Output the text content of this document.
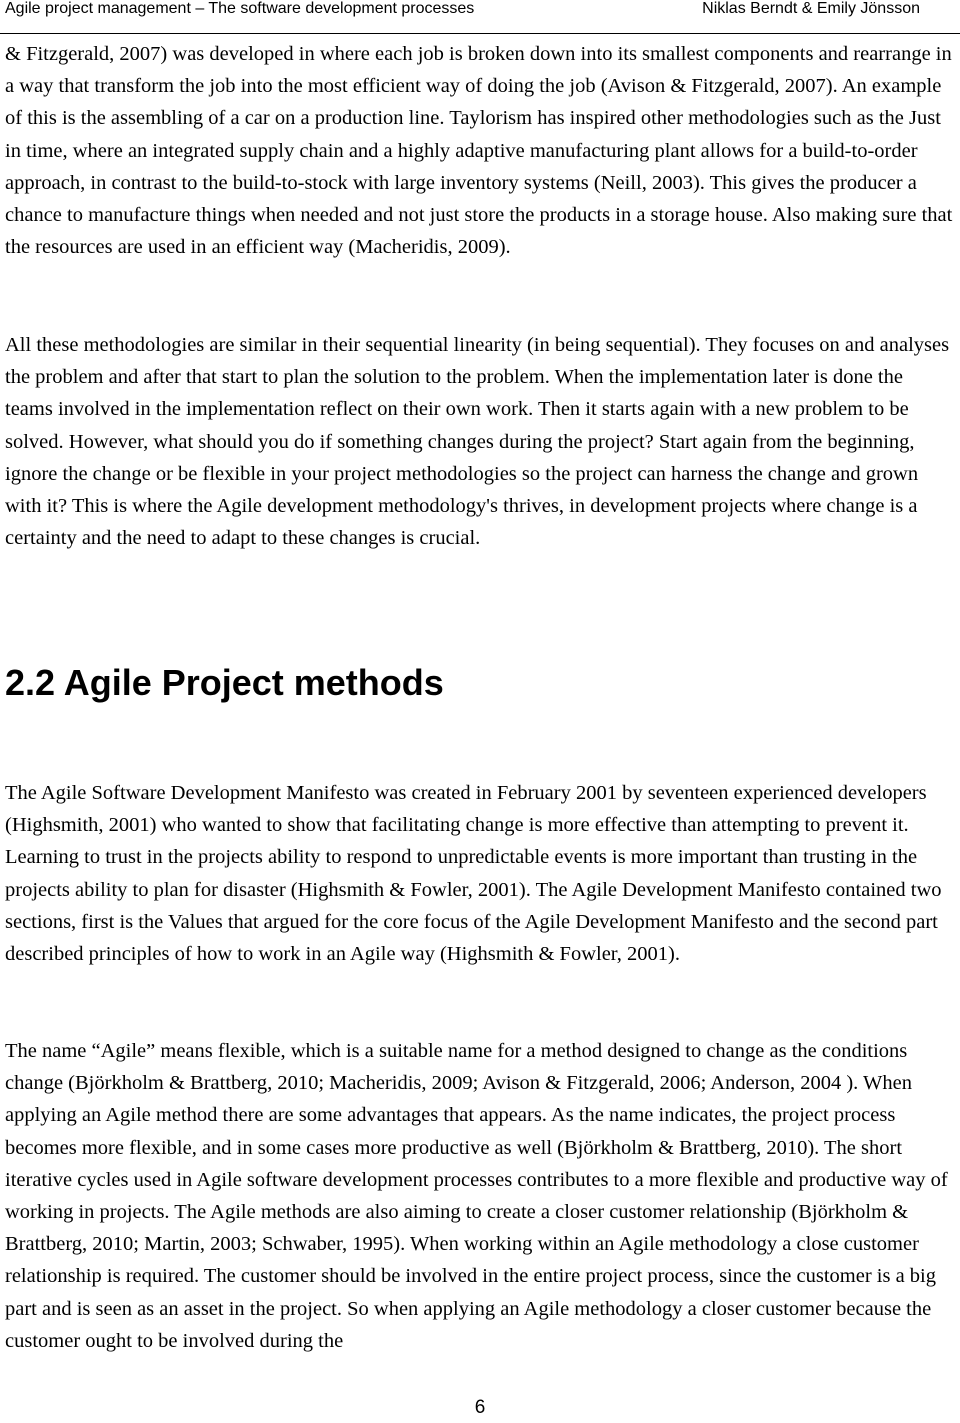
Agile project management – The software development processes	Niklas Berndt & Emily Jönsson

& Fitzgerald, 2007) was developed in where each job is broken down into its smallest components and rearrange in a way that transform the job into the most efficient way of doing the job (Avison & Fitzgerald, 2007). An example of this is the assembling of a car on a production line. Taylorism has inspired other methodologies such as the Just in time, where an integrated supply chain and a highly adaptive manufacturing plant allows for a build-to-order approach, in contrast to the build-to-stock with large inventory systems (Neill, 2003). This gives the producer a chance to manufacture things when needed and not just store the products in a storage house. Also making sure that the resources are used in an efficient way (Macheridis, 2009).

All these methodologies are similar in their sequential linearity (in being sequential). They focuses on and analyses the problem and after that start to plan the solution to the problem. When the implementation later is done the teams involved in the implementation reflect on their own work. Then it starts again with a new problem to be solved. However, what should you do if something changes during the project? Start again from the beginning, ignore the change or be flexible in your project methodologies so the project can harness the change and grown with it? This is where the Agile development methodology's thrives, in development projects where change is a certainty and the need to adapt to these changes is crucial.

2.2 Agile Project methods

The Agile Software Development Manifesto was created in February 2001 by seventeen experienced developers (Highsmith, 2001) who wanted to show that facilitating change is more effective than attempting to prevent it. Learning to trust in the projects ability to respond to unpredictable events is more important than trusting in the projects ability to plan for disaster (Highsmith & Fowler, 2001). The Agile Development Manifesto contained two sections, first is the Values that argued for the core focus of the Agile Development Manifesto and the second part described principles of how to work in an Agile way (Highsmith & Fowler, 2001).

The name “Agile” means flexible, which is a suitable name for a method designed to change as the conditions change (Björkholm & Brattberg, 2010; Macheridis, 2009; Avison & Fitzgerald, 2006; Anderson, 2004 ). When applying an Agile method there are some advantages that appears. As the name indicates, the project process becomes more flexible, and in some cases more productive as well (Björkholm & Brattberg, 2010). The short iterative cycles used in Agile software development processes contributes to a more flexible and productive way of working in projects. The Agile methods are also aiming to create a closer customer relationship (Björkholm & Brattberg, 2010; Martin, 2003; Schwaber, 1995). When working within an Agile methodology a close customer relationship is required. The customer should be involved in the entire project process, since the customer is a big part and is seen as an asset in the project. So when applying an Agile methodology a closer customer because the customer ought to be involved during the

6
